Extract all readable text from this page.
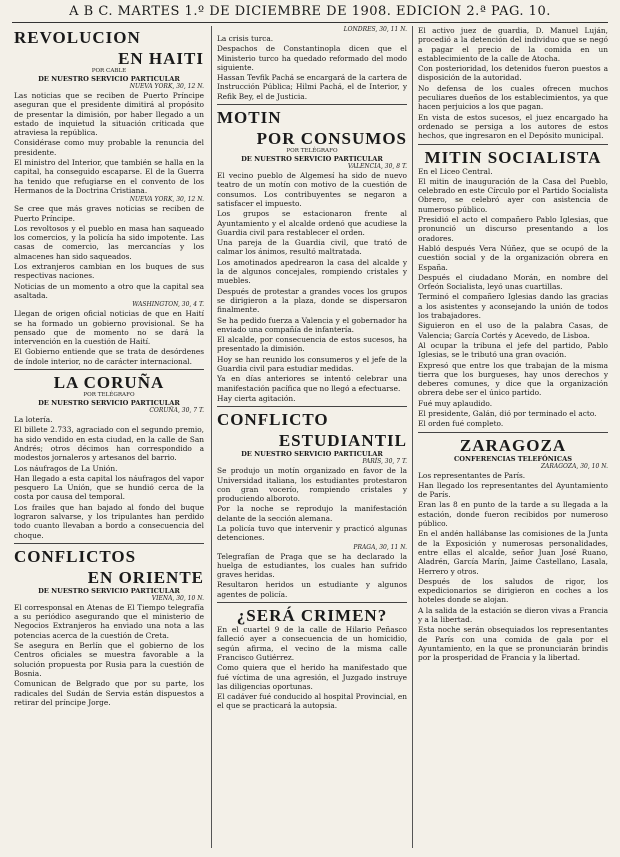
A B C. MARTES 1.º DE DICIEMBRE DE 1908. EDICION 2.ª PAG. 10.
REVOLUCION
EN HAITI
POR CABLE
DE NUESTRO SERVICIO PARTICULAR
NUEVA YORK, 30, 12 N.

Las noticias que se reciben de Puerto Príncipe aseguran que el presidente dimitirá al propósito de presentar la dimisión, por haber llegado a un estado de inquietud la situación criticada que atraviesa la república.

Considérase como muy probable la renuncia del presidente.

El ministro del Interior, que también se halla en la capital, ha conseguido escaparse. El de la Guerra ha tenido que refugiarse en el convento de los Hermanos de la Doctrina Cristiana.

NUEVA YORK, 30, 12 N.

Se cree que más graves noticias se reciben de Puerto Príncipe.

Los revoltosos y el pueblo en masa han saqueado los comercios, y la policía ha sido impotente. Las casas de comercio, las mercancías y los almacenes han sido saqueados.

Los extranjeros cambian en los buques de sus respectivas naciones.

Noticias de un momento a otro que la capital sea asaltada.

WASHINGTON, 30, 4 T.

Llegan de origen oficial noticias de que en Haití se ha formado un gobierno provisional. Se ha pensado que de momento no se dará la intervención en la cuestión de Haití.

El Gobierno entiende que se trata de desórdenes de índole interior, no de carácter internacional.

LA CORUÑA
POR TELÉGRAFO
DE NUESTRO SERVICIO PARTICULAR
CORUÑA, 30, 7 T.

La lotería.

El billete 2.733, agraciado con el segundo premio, ha sido vendido en esta ciudad, en la calle de San Andrés; otros décimos han correspondido a modestos jornaleros y artesanos del barrio.

Los náufragos de La Unión.

Han llegado a esta capital los náufragos del vapor pesquero La Unión, que se hundió cerca de la costa por causa del temporal.

Los frailes que han bajado al fondo del buque lograron salvarse, y los tripulantes han perdido todo cuanto llevaban a bordo a consecuencia del choque.

CONFLICTOS
EN ORIENTE
DE NUESTRO SERVICIO PARTICULAR
VIENA, 30, 10 N.

El corresponsal en Atenas de El Tiempo telegrafía a su periódico asegurando que el ministerio de Negocios Extranjeros ha enviado una nota a las potencias acerca de la cuestión de Creta.

Se asegura en Berlín que el gobierno de los Centros oficiales se muestra favorable a la solución propuesta por Rusia para la cuestión de Bosnia.

Comunican de Belgrado que por su parte, los radicales del Sudán de Servia están dispuestos a retirar del príncipe Jorge.

LONDRES, 30, 11 N.

La crisis turca.

Despachos de Constantinopla dicen que el Ministerio turco ha quedado reformado del modo siguiente.

Hassan Tevfik Pachá se encargará de la cartera de Instrucción Pública; Hilmi Pachá, el de Interior, y Refik Bey, el de Justicia.

MOTIN
POR CONSUMOS
POR TELÉGRAFO
DE NUESTRO SERVICIO PARTICULAR
VALENCIA, 30, 8 T.

El vecino pueblo de Algemesí ha sido de nuevo teatro de un motín con motivo de la cuestión de consumos. Los contribuyentes se negaron a satisfacer el impuesto.

Los grupos se estacionaron frente al Ayuntamiento y el alcalde ordenó que acudiese la Guardia civil para restablecer el orden.

Una pareja de la Guardia civil, que trató de calmar los ánimos, resultó maltratada.

Los amotinados apedrearon la casa del alcalde y la de algunos concejales, rompiendo cristales y muebles.

Después de protestar a grandes voces los grupos se dirigieron a la plaza, donde se dispersaron finalmente.

Se ha pedido fuerza a Valencia y el gobernador ha enviado una compañía de infantería.

El alcalde, por consecuencia de estos sucesos, ha presentado la dimisión.

Hoy se han reunido los consumeros y el jefe de la Guardia civil para estudiar medidas.

Ya en días anteriores se intentó celebrar una manifestación pacífica que no llegó a efectuarse.

Hay cierta agitación.

CONFLICTO
ESTUDIANTIL
DE NUESTRO SERVICIO PARTICULAR
PARÍS, 30, 7 T.

Se produjo un motín organizado en favor de la Universidad italiana, los estudiantes protestaron con gran vocerío, rompiendo cristales y produciendo alboroto.

Por la noche se reprodujo la manifestación delante de la sección alemana.

La policía tuvo que intervenir y practicó algunas detenciones.

PRAGA, 30, 11 N.

Telegrafían de Praga que se ha declarado la huelga de estudiantes, los cuales han sufrido graves heridas.

Resultaron heridos un estudiante y algunos agentes de policía.

¿SERÁ CRIMEN?

En el cuartel 9 de la calle de Hilario Peñasco falleció ayer a consecuencia de un homicidio, según afirma, el vecino de la misma calle Francisco Gutiérrez.

Como quiera que el herido ha manifestado que fué víctima de una agresión, el Juzgado instruye las diligencias oportunas.

El cadáver fué conducido al hospital Provincial, en el que se practicará la autopsia.

El activo juez de guardia, D. Manuel Luján, procedió a la detención del individuo que se negó a pagar el precio de la comida en un establecimiento de la calle de Atocha.

Con posterioridad, los detenidos fueron puestos a disposición de la autoridad.

No defensa de los cuales ofrecen muchos peculiares dueños de los establecimientos, ya que hacen perjuicios a los que pagan.

En vista de estos sucesos, el juez encargado ha ordenado se persiga a los autores de estos hechos, que ingresaron en el Depósito municipal.

MITIN SOCIALISTA

En el Liceo Central.

El mitin de inauguración de la Casa del Pueblo, celebrado en este Círculo por el Partido Socialista Obrero, se celebró ayer con asistencia de numeroso público.

Presidió el acto el compañero Pablo Iglesias, que pronunció un discurso presentando a los oradores.

Habló después Vera Núñez, que se ocupó de la cuestión social y de la organización obrera en España.

Después el ciudadano Morán, en nombre del Orfeón Socialista, leyó unas cuartillas.

Terminó el compañero Iglesias dando las gracias a los asistentes y aconsejando la unión de todos los trabajadores.

Siguieron en el uso de la palabra Casas, de Valencia; García Cortés y Acevedo, de Lisboa.

Al ocupar la tribuna el jefe del partido, Pablo Iglesias, se le tributó una gran ovación.

Expresó que entre los que trabajan de la misma tierra que los burgueses, hay unos derechos y deberes comunes, y dice que la organización obrera debe ser el único partido.

Fué muy aplaudido.

El presidente, Galán, dió por terminado el acto.

El orden fué completo.

ZARAGOZA
CONFERENCIAS TELEFÓNICAS
ZARAGOZA, 30, 10 N.

Los representantes de París.

Han llegado los representantes del Ayuntamiento de París.

Eran las 8 en punto de la tarde a su llegada a la estación, donde fueron recibidos por numeroso público.

En el andén hallábanse las comisiones de la Junta de la Exposición y numerosas personalidades, entre ellas el alcalde, señor Juan José Ruano, Aladrén, García Marín, Jaime Castellano, Lasala, Herrero y otros.

Después de los saludos de rigor, los expedicionarios se dirigieron en coches a los hoteles donde se alojan.

A la salida de la estación se dieron vivas a Francia y a la libertad.

Esta noche serán obsequiados los representantes de París con una comida de gala por el Ayuntamiento, en la que se pronunciarán brindis por la prosperidad de Francia y la libertad.
